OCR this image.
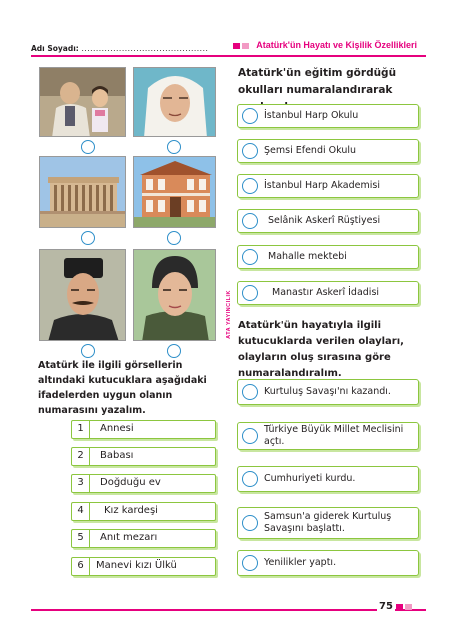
Adı Soyadı: ............................................	Atatürk'ün Hayatı ve Kişilik Özellikleri
ATA YAYINCILIK
Atatürk'ün eğitim gördüğü okulları numaralandırarak
İstanbul Harp Okulu
Şemsi Efendi Okulu
İstanbul Harp Akademisi
Selânik Askerî Rüştiyesi
Mahalle mektebi
Manastır Askerî İdadisi
Atatürk'ün hayatıyla ilgili kutucuklarda verilen olayları, olayların oluş sırasına göre numaralandıralım.
Kurtuluş Savaşı'nı kazandı.
Türkiye Büyük Millet Meclisini açtı.
Cumhuriyeti kurdu.
Samsun'a giderek Kurtuluş Savaşını başlattı.
Yenilikler yaptı.
Atatürk ile ilgili görsellerin altındaki kutucuklara aşağıdaki ifadelerden uygun olanın numarasını yazalım.
1	Annesi
2	Babası
3	Doğduğu ev
4	Kız kardeşi
5	Anıt mezarı
6	Manevi kızı Ülkü
75
